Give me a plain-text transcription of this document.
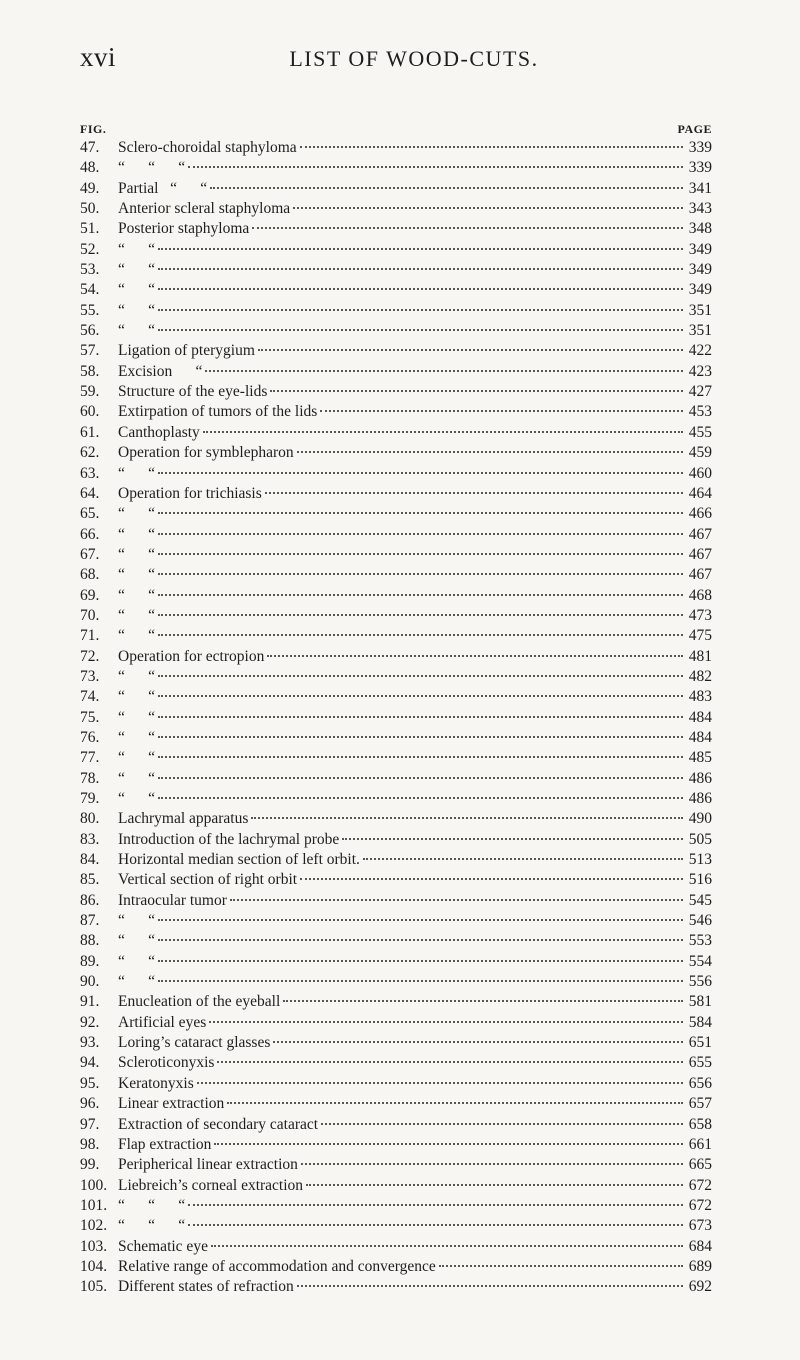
xvi	LIST OF WOOD-CUTS.
FIG.	PAGE
47.	Sclero-choroidal staphyloma	339
48.	“      “      “	339
49.	Partial   “      “	341
50.	Anterior scleral staphyloma	343
51.	Posterior staphyloma	348
52.	“      “	349
53.	“      “	349
54.	“      “	349
55.	“      “	351
56.	“      “	351
57.	Ligation of pterygium	422
58.	Excision      “	423
59.	Structure of the eye-lids	427
60.	Extirpation of tumors of the lids	453
61.	Canthoplasty	455
62.	Operation for symblepharon	459
63.	“      “	460
64.	Operation for trichiasis	464
65.	“      “	466
66.	“      “	467
67.	“      “	467
68.	“      “	467
69.	“      “	468
70.	“      “	473
71.	“      “	475
72.	Operation for ectropion	481
73.	“      “	482
74.	“      “	483
75.	“      “	484
76.	“      “	484
77.	“      “	485
78.	“      “	486
79.	“      “	486
80.	Lachrymal apparatus	490
83.	Introduction of the lachrymal probe	505
84.	Horizontal median section of left orbit.	513
85.	Vertical section of right orbit	516
86.	Intraocular tumor	545
87.	“      “	546
88.	“      “	553
89.	“      “	554
90.	“      “	556
91.	Enucleation of the eyeball	581
92.	Artificial eyes	584
93.	Loring’s cataract glasses	651
94.	Scleroticonyxis	655
95.	Keratonyxis	656
96.	Linear extraction	657
97.	Extraction of secondary cataract	658
98.	Flap extraction	661
99.	Peripherical linear extraction	665
100. Liebreich’s corneal extraction	672
101. “      “      “	672
102. “      “      “	673
103. Schematic eye	684
104. Relative range of accommodation and convergence	689
105. Different states of refraction	692
